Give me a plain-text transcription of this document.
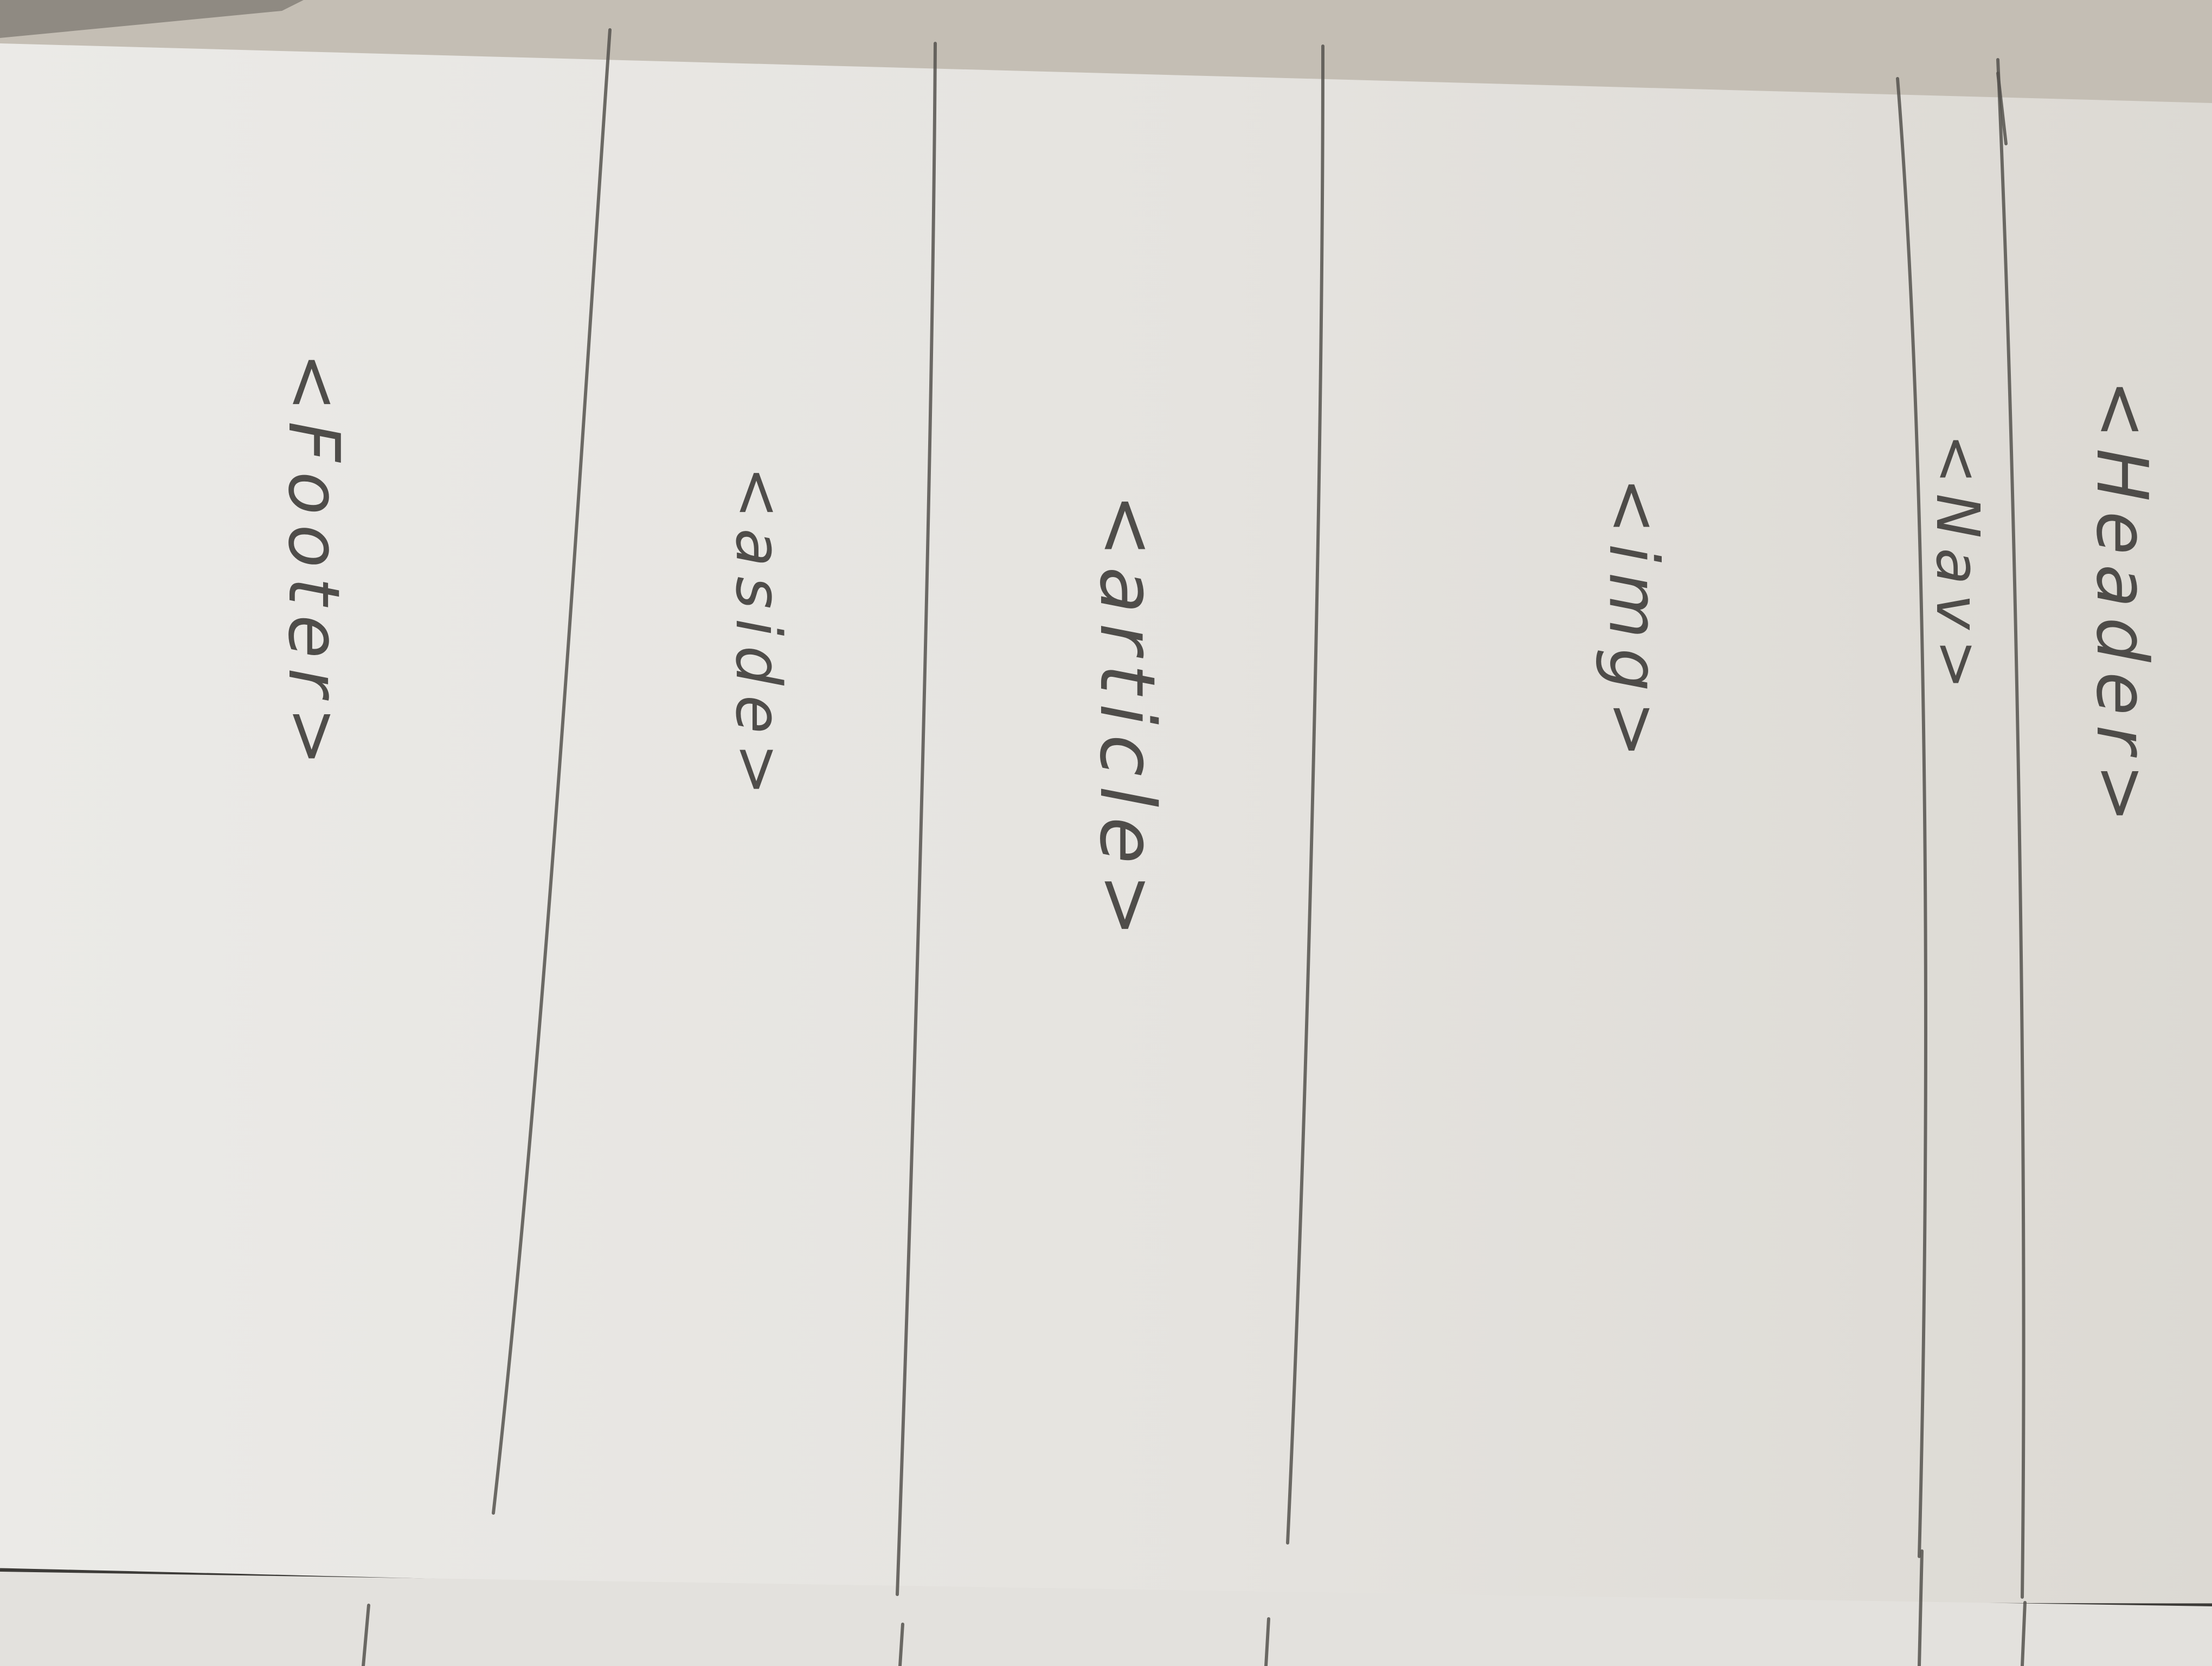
<Header>
<Nav>
<img>
<article>
<aside>
<Footer>
